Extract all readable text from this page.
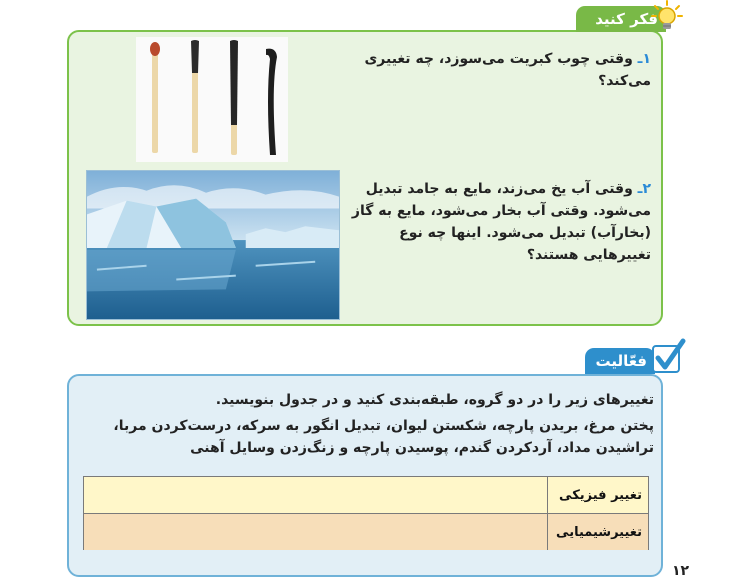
فکر کنید
۱ـ وقتی چوب کبریت می‌سوزد، چه تغییری می‌کند؟
۲ـ وقتی آب یخ می‌زند، مایع به جامد تبدیل می‌شود. وقتی آب بخار می‌شود، مایع به گاز (بخارآب) تبدیل می‌شود. اینها چه نوع تغییرهایی هستند؟
فعّالیت
تغییرهای زیر را در دو گروه، طبقه‌بندی کنید و در جدول بنویسید.
پختن مرغ، بریدن پارچه، شکستن لیوان، تبدیل انگور به سرکه، درست‌کردن مربا، تراشیدن مداد، آردکردن گندم، پوسیدن پارچه و زنگ‌زدن وسایل آهنی
تغییر فیزیکی
تغییرشیمیایی
۱۲
